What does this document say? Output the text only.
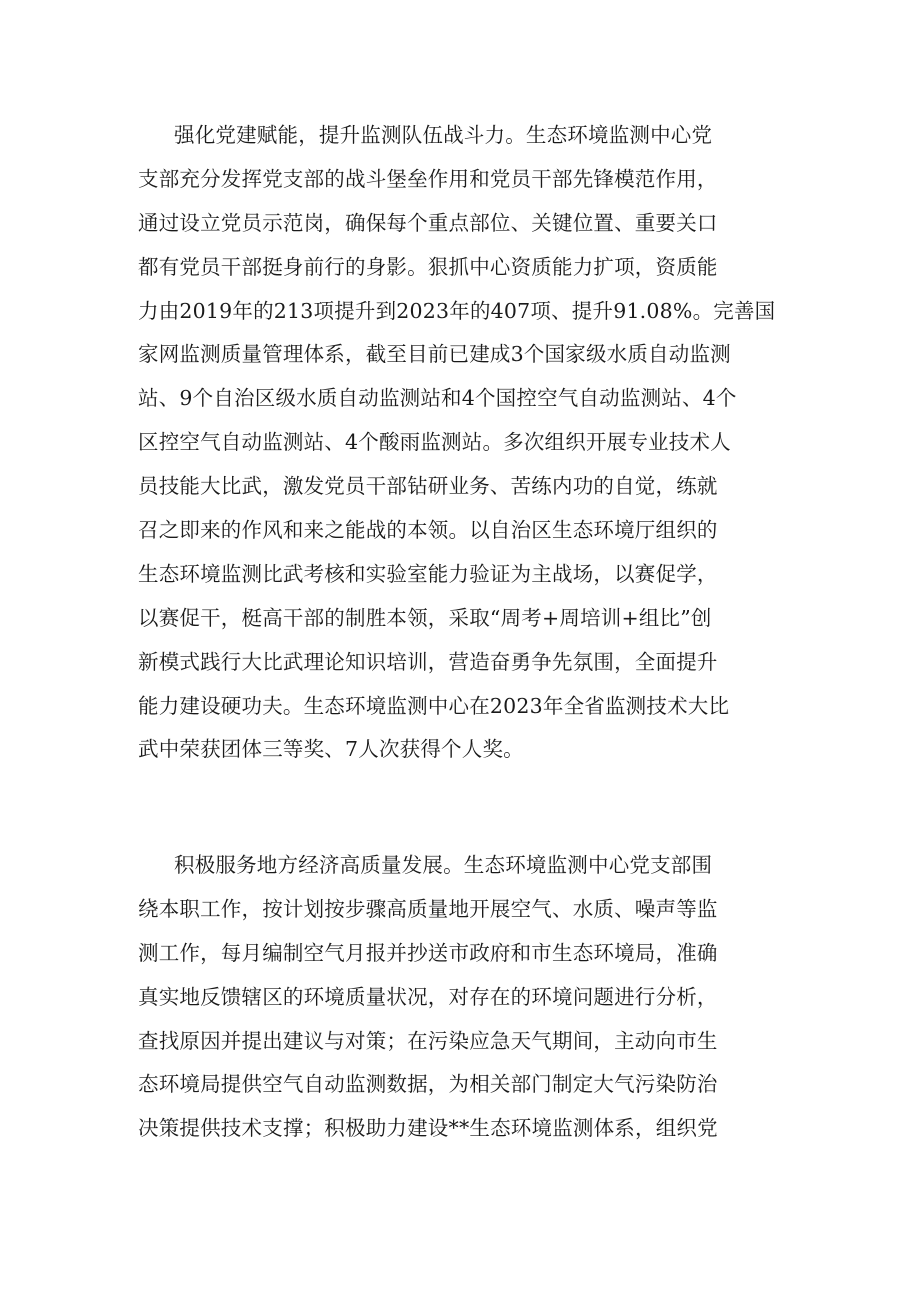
强化党建赋能，提升监测队伍战斗力。生态环境监测中心党
支部充分发挥党支部的战斗堡垒作用和党员干部先锋模范作用，
通过设立党员示范岗，确保每个重点部位、关键位置、重要关口
都有党员干部挺身前行的身影。狠抓中心资质能力扩项，资质能
力由2019年的213项提升到2023年的407项、提升91.08%。完善国
家网监测质量管理体系，截至目前已建成3个国家级水质自动监测
站、9个自治区级水质自动监测站和4个国控空气自动监测站、4个
区控空气自动监测站、4个酸雨监测站。多次组织开展专业技术人
员技能大比武，激发党员干部钻研业务、苦练内功的自觉，练就
召之即来的作风和来之能战的本领。以自治区生态环境厅组织的
生态环境监测比武考核和实验室能力验证为主战场，以赛促学，
以赛促干，梃高干部的制胜本领，采取“周考+周培训+组比”创
新模式践行大比武理论知识培训，营造奋勇争先氛围，全面提升
能力建设硬功夫。生态环境监测中心在2023年全省监测技术大比
武中荣获团体三等奖、7人次获得个人奖。
积极服务地方经济高质量发展。生态环境监测中心党支部围
绕本职工作，按计划按步骤高质量地开展空气、水质、噪声等监
测工作，每月编制空气月报并抄送市政府和市生态环境局，准确
真实地反馈辖区的环境质量状况，对存在的环境问题进行分析，
查找原因并提出建议与对策；在污染应急天气期间，主动向市生
态环境局提供空气自动监测数据，为相关部门制定大气污染防治
决策提供技术支撑；积极助力建设**生态环境监测体系，组织党
